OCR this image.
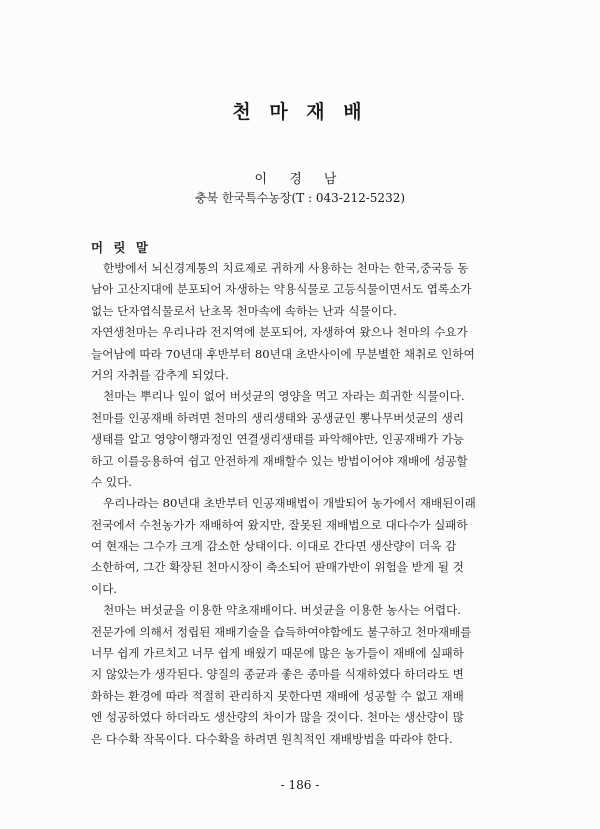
천 마 재 배
이 경 남
충북 한국특수농장(T : 043-212-5232)
머 릿 말
한방에서 뇌신경계통의 치료제로 귀하게 사용하는 천마는 한국,중국등 동
남아 고산지대에 분포되어 자생하는 약용식물로 고등식물이면서도 엽록소가
없는 단자엽식물로서 난초목 천마속에 속하는 난과 식물이다.
자연생천마는 우리나라 전지역에 분포되어, 자생하여 왔으나 천마의 수요가
늘어남에 따라 70년대 후반부터 80년대 초반사이에 무분별한 채취로 인하여
거의 자취를 감추게 되었다.
천마는 뿌리나 잎이 없어 버섯균의 영양을 먹고 자라는 희귀한 식물이다.
천마를 인공재배 하려면 천마의 생리생태와 공생균인 뽕나무버섯균의 생리
생태를 알고 영양이행과정인 연결생리생태를 파악해야만, 인공재배가 가능
하고 이를응용하여 쉽고 안전하게 재배할수 있는 방법이어야 재배에 성공할
수 있다.
우리나라는 80년대 초반부터 인공재배법이 개발되어 농가에서 재배된이래
전국에서 수천농가가 재배하여 왔지만, 잘못된 재배법으로 대다수가 실패하
여 현재는 그수가 크게 감소한 상태이다. 이대로 간다면 생산량이 더욱 감
소한하여, 그간 확장된 천마시장이 축소되어 판매가반이 위험을 받게 될 것
이다.
천마는 버섯균을 이용한 약초재배이다. 버섯균을 이용한 농사는 어렵다.
전문가에 의해서 정립된 재배기술을 습득하여야함에도 불구하고 천마재배를
너무 쉽게 가르치고 너무 쉽게 배웠기 때문에 많은 농가들이 재배에 실패하
지 않았는가 생각된다. 양질의 종균과 좋은 종마를 식재하였다 하더라도 변
화하는 환경에 따라 적절히 관리하지 못한다면 재배에 성공할 수 없고 재배
엔 성공하였다 하더라도 생산량의 차이가 많을 것이다. 천마는 생산량이 많
은 다수확 작목이다. 다수확을 하려면 원칙적인 재배방법을 따라야 한다.
- 186 -
